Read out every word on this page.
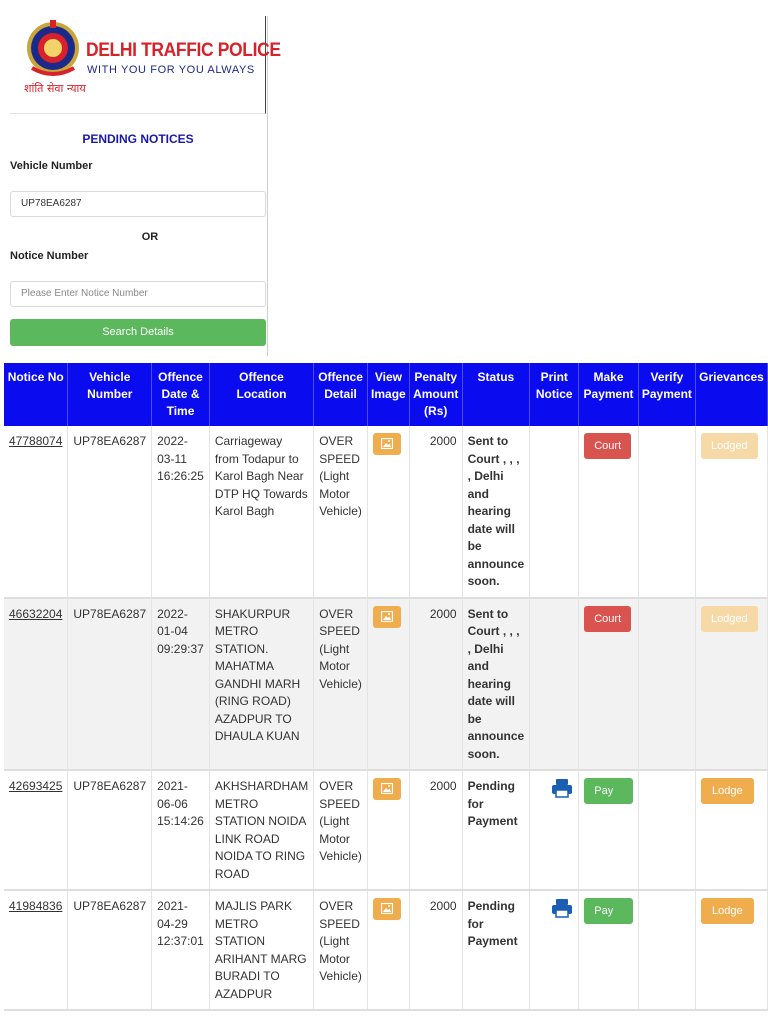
DELHI TRAFFIC POLICE
WITH YOU FOR YOU ALWAYS
शांति सेवा न्याय
PENDING NOTICES
Vehicle Number
UP78EA6287
OR
Notice Number
Please Enter Notice Number
Search Details
Notice No	Vehicle Number	Offence Date & Time	Offence Location	Offence Detail	View Image	Penalty Amount (Rs)	Status	Print Notice	Make Payment	Verify Payment	Grievances
47788074	UP78EA6287	2022-03-11 16:26:25	Carriageway from Todapur to Karol Bagh Near DTP HQ Towards Karol Bagh	OVER SPEED (Light Motor Vehicle)		2000	Sent to Court , , , , Delhi and hearing date will be announce soon.		Court		Lodged
46632204	UP78EA6287	2022-01-04 09:29:37	SHAKURPUR METRO STATION. MAHATMA GANDHI MARH (RING ROAD) AZADPUR TO DHAULA KUAN	OVER SPEED (Light Motor Vehicle)		2000	Sent to Court , , , , Delhi and hearing date will be announce soon.		Court		Lodged
42693425	UP78EA6287	2021-06-06 15:14:26	AKHSHARDHAM METRO STATION NOIDA LINK ROAD NOIDA TO RING ROAD	OVER SPEED (Light Motor Vehicle)		2000	Pending for Payment		Pay Now		Lodge
41984836	UP78EA6287	2021-04-29 12:37:01	MAJLIS PARK METRO STATION ARIHANT MARG BURADI TO AZADPUR	OVER SPEED (Light Motor Vehicle)		2000	Pending for Payment		Pay Now		Lodge
